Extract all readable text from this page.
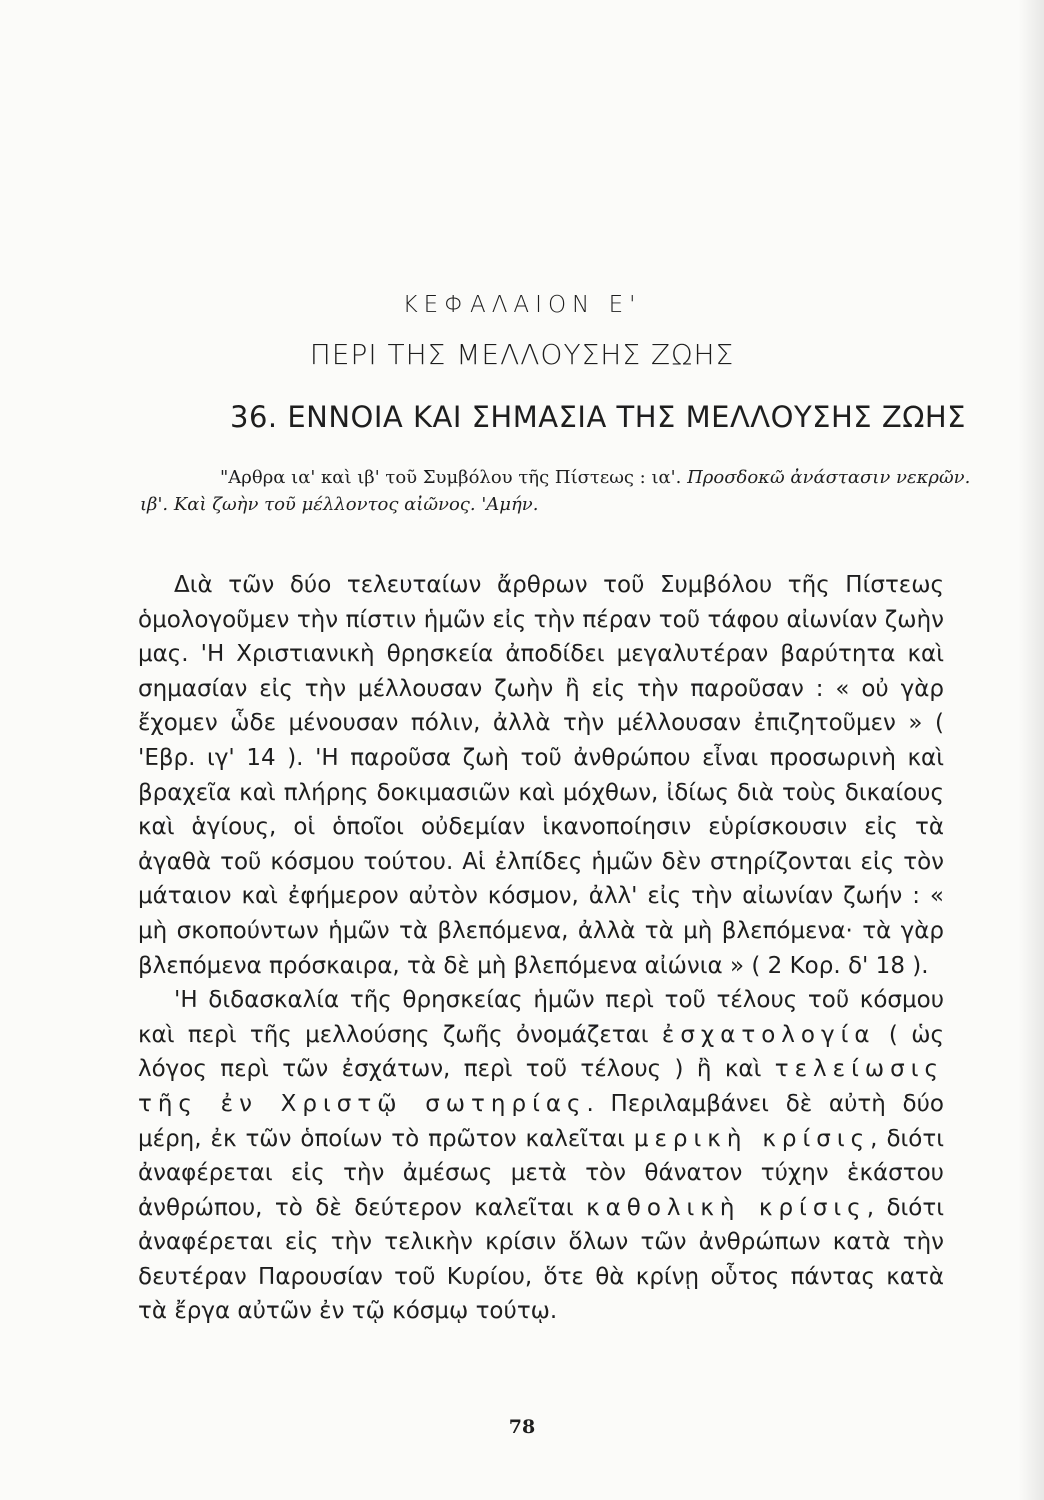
ΚΕΦΑΛΑΙΟΝ Ε'
ΠΕΡΙ ΤΗΣ ΜΕΛΛΟΥΣΗΣ ΖΩΗΣ
36. ΕΝΝΟΙΑ ΚΑΙ ΣΗΜΑΣΙΑ ΤΗΣ ΜΕΛΛΟΥΣΗΣ ΖΩΗΣ
"Αρθρα ια' καὶ ιβ' τοῦ Συμβόλου τῆς Πίστεως : ια'. Προσδοκῶ ἀνάστασιν νεκρῶν.
ιβ'. Καὶ ζωὴν τοῦ μέλλοντος αἰῶνος. 'Αμήν.

Διὰ τῶν δύο τελευταίων ἄρθρων τοῦ Συμβόλου τῆς Πίστεως ὁμολογοῦμεν τὴν πίστιν ἡμῶν εἰς τὴν πέραν τοῦ τάφου αἰωνίαν ζωὴν μας. 'Η Χριστιανικὴ θρησκεία ἀποδίδει μεγαλυτέραν βαρύτητα καὶ σημασίαν εἰς τὴν μέλλουσαν ζωὴν ἢ εἰς τὴν παροῦσαν : « οὐ γὰρ ἔχομεν ὧδε μένουσαν πόλιν, ἀλλὰ τὴν μέλλουσαν ἐπιζητοῦμεν » ( 'Εβρ. ιγ' 14 ). 'Η παροῦσα ζωὴ τοῦ ἀνθρώπου εἶναι προσωρινὴ καὶ βραχεῖα καὶ πλήρης δοκιμασιῶν καὶ μόχθων, ἰδίως διὰ τοὺς δικαίους καὶ ἁγίους, οἱ ὁποῖοι οὐδεμίαν ἱκανοποίησιν εὑρίσκουσιν εἰς τὰ ἀγαθὰ τοῦ κόσμου τούτου. Αἱ ἐλπίδες ἡμῶν δὲν στηρίζονται εἰς τὸν μάταιον καὶ ἐφήμερον αὐτὸν κόσμον, ἀλλ' εἰς τὴν αἰωνίαν ζωήν : « μὴ σκοπούντων ἡμῶν τὰ βλεπόμενα, ἀλλὰ τὰ μὴ βλεπόμενα· τὰ γὰρ βλεπόμενα πρόσκαιρα, τὰ δὲ μὴ βλεπόμενα αἰώνια » ( 2 Κορ. δ' 18 ).

'Η διδασκαλία τῆς θρησκείας ἡμῶν περὶ τοῦ τέλους τοῦ κόσμου καὶ περὶ τῆς μελλούσης ζωῆς ὀνομάζεται ἐσχατολογία ( ὡς λόγος περὶ τῶν ἐσχάτων, περὶ τοῦ τέλους ) ἢ καὶ τελείωσις τῆς ἐν Χριστῷ σωτηρίας. Περιλαμβάνει δὲ αὐτὴ δύο μέρη, ἐκ τῶν ὁποίων τὸ πρῶτον καλεῖται μερικὴ κρίσις, διότι ἀναφέρεται εἰς τὴν ἀμέσως μετὰ τὸν θάνατον τύχην ἑκάστου ἀνθρώπου, τὸ δὲ δεύτερον καλεῖται καθολικὴ κρίσις, διότι ἀναφέρεται εἰς τὴν τελικὴν κρίσιν ὅλων τῶν ἀνθρώπων κατὰ τὴν δευτέραν Παρουσίαν τοῦ Κυρίου, ὅτε θὰ κρίνῃ οὗτος πάντας κατὰ τὰ ἔργα αὐτῶν ἐν τῷ κόσμῳ τούτῳ.

78
